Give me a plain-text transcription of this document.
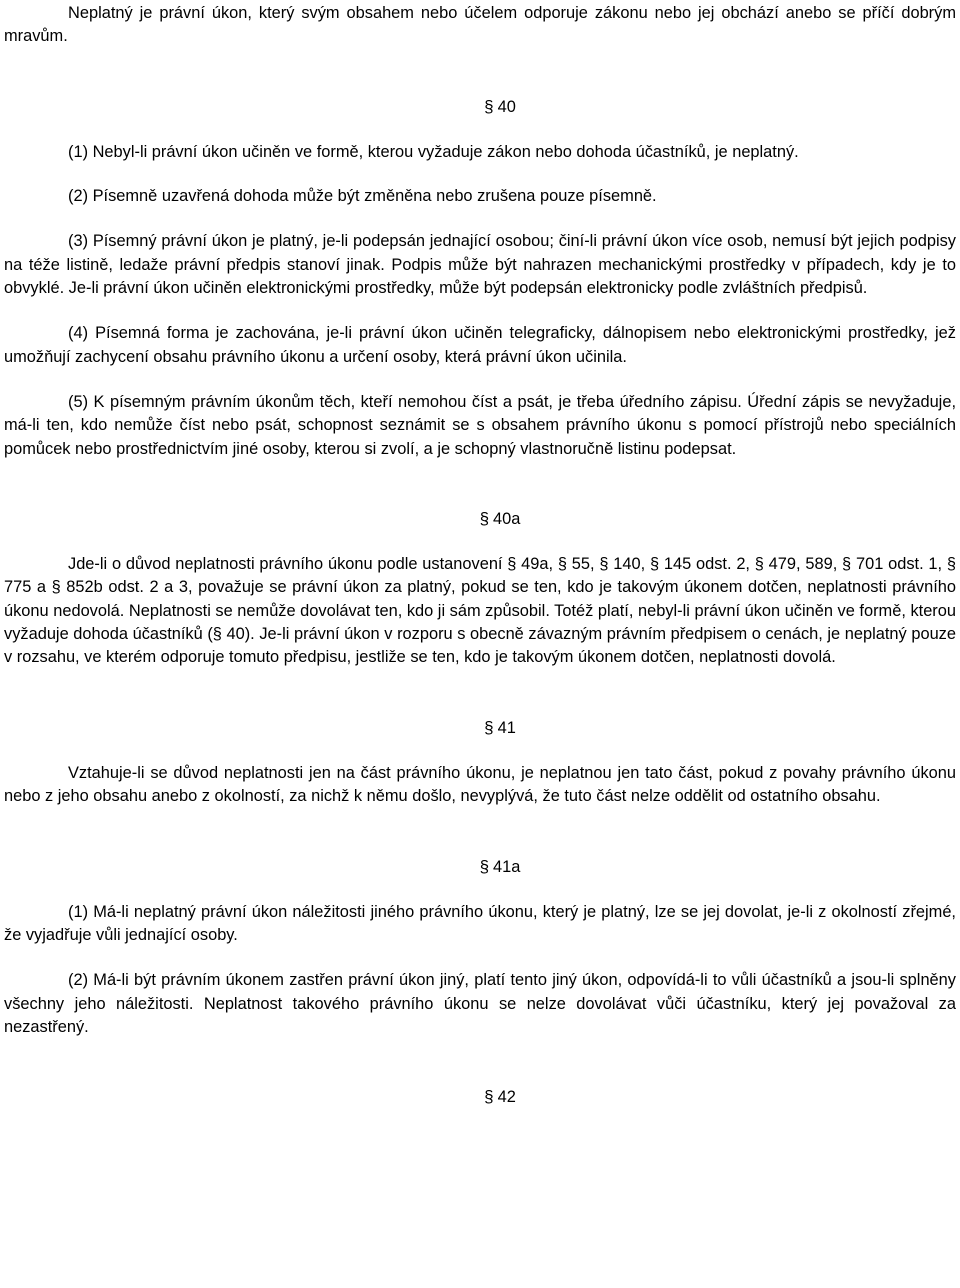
Neplatný je právní úkon, který svým obsahem nebo účelem odporuje zákonu nebo jej obchází anebo se příčí dobrým mravům.

§ 40

(1) Nebyl-li právní úkon učiněn ve formě, kterou vyžaduje zákon nebo dohoda účastníků, je neplatný.

(2) Písemně uzavřená dohoda může být změněna nebo zrušena pouze písemně.

(3) Písemný právní úkon je platný, je-li podepsán jednající osobou; činí-li právní úkon více osob, nemusí být jejich podpisy na téže listině, ledaže právní předpis stanoví jinak. Podpis může být nahrazen mechanickými prostředky v případech, kdy je to obvyklé. Je-li právní úkon učiněn elektronickými prostředky, může být podepsán elektronicky podle zvláštních předpisů.

(4) Písemná forma je zachována, je-li právní úkon učiněn telegraficky, dálnopisem nebo elektronickými prostředky, jež umožňují zachycení obsahu právního úkonu a určení osoby, která právní úkon učinila.

(5) K písemným právním úkonům těch, kteří nemohou číst a psát, je třeba úředního zápisu. Úřední zápis se nevyžaduje, má-li ten, kdo nemůže číst nebo psát, schopnost seznámit se s obsahem právního úkonu s pomocí přístrojů nebo speciálních pomůcek nebo prostřednictvím jiné osoby, kterou si zvolí, a je schopný vlastnoručně listinu podepsat.

§ 40a

Jde-li o důvod neplatnosti právního úkonu podle ustanovení § 49a, § 55, § 140, § 145 odst. 2, § 479, 589, § 701 odst. 1, § 775 a § 852b odst. 2 a 3, považuje se právní úkon za platný, pokud se ten, kdo je takovým úkonem dotčen, neplatnosti právního úkonu nedovolá. Neplatnosti se nemůže dovolávat ten, kdo ji sám způsobil. Totéž platí, nebyl-li právní úkon učiněn ve formě, kterou vyžaduje dohoda účastníků (§ 40). Je-li právní úkon v rozporu s obecně závazným právním předpisem o cenách, je neplatný pouze v rozsahu, ve kterém odporuje tomuto předpisu, jestliže se ten, kdo je takovým úkonem dotčen, neplatnosti dovolá.

§ 41

Vztahuje-li se důvod neplatnosti jen na část právního úkonu, je neplatnou jen tato část, pokud z povahy právního úkonu nebo z jeho obsahu anebo z okolností, za nichž k němu došlo, nevyplývá, že tuto část nelze oddělit od ostatního obsahu.

§ 41a

(1) Má-li neplatný právní úkon náležitosti jiného právního úkonu, který je platný, lze se jej dovolat, je-li z okolností zřejmé, že vyjadřuje vůli jednající osoby.

(2) Má-li být právním úkonem zastřen právní úkon jiný, platí tento jiný úkon, odpovídá-li to vůli účastníků a jsou-li splněny všechny jeho náležitosti. Neplatnost takového právního úkonu se nelze dovolávat vůči účastníku, který jej považoval za nezastřený.

§ 42
